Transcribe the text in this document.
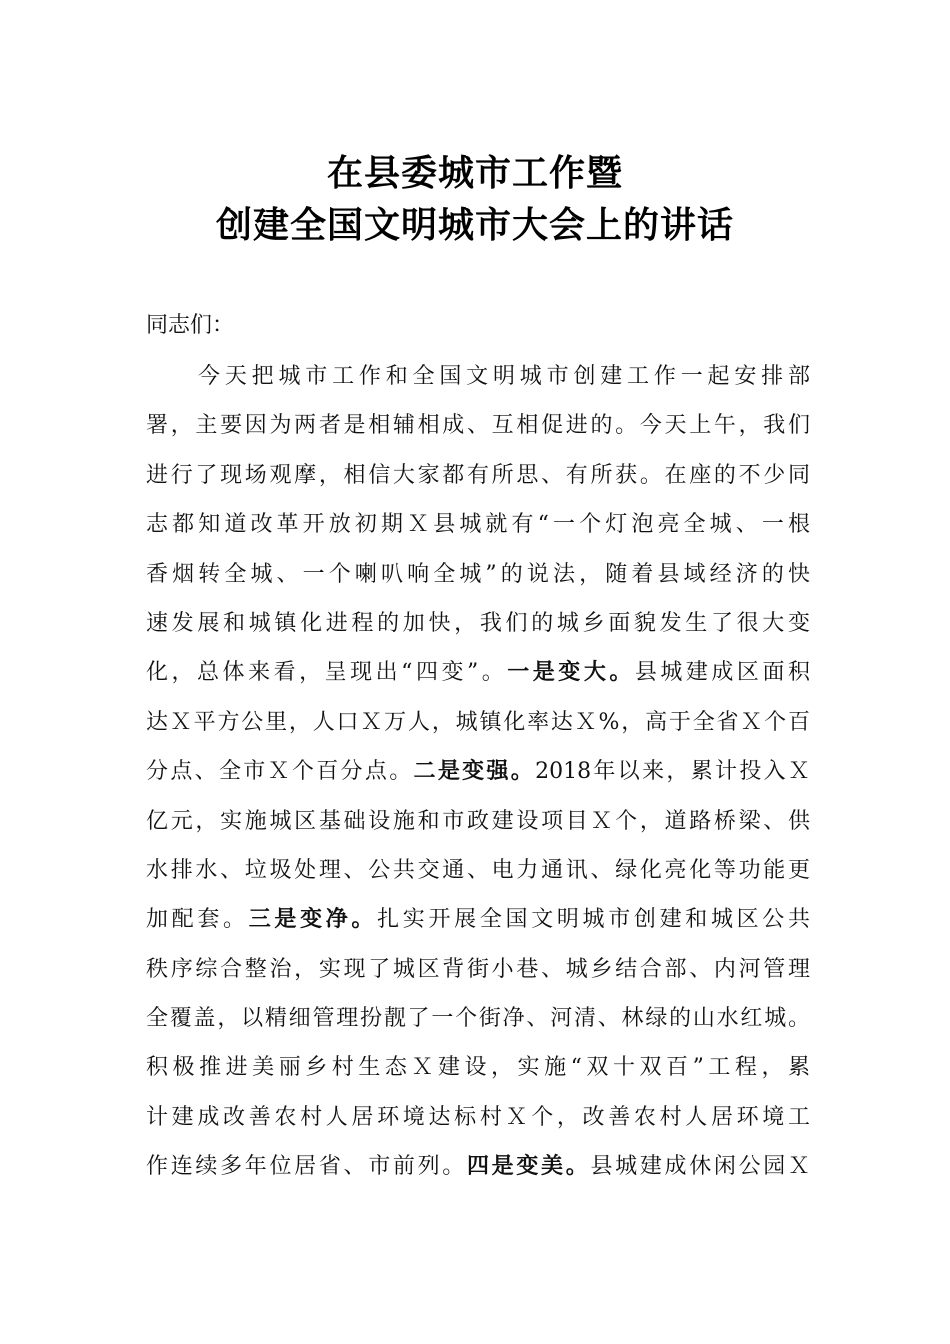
在县委城市工作暨
创建全国文明城市大会上的讲话
同志们：
今天把城市工作和全国文明城市创建工作一起安排部
署，主要因为两者是相辅相成、互相促进的。今天上午，我们
进行了现场观摩，相信大家都有所思、有所获。在座的不少同
志都知道改革开放初期Ｘ县城就有“一个灯泡亮全城、一根
香烟转全城、一个喇叭响全城”的说法，随着县域经济的快
速发展和城镇化进程的加快，我们的城乡面貌发生了很大变
化，总体来看，呈现出“四变”。一是变大。县城建成区面积
达Ｘ平方公里，人口Ｘ万人，城镇化率达Ｘ%，高于全省Ｘ个百
分点、全市Ｘ个百分点。二是变强。2018年以来，累计投入Ｘ
亿元，实施城区基础设施和市政建设项目Ｘ个，道路桥梁、供
水排水、垃圾处理、公共交通、电力通讯、绿化亮化等功能更
加配套。三是变净。扎实开展全国文明城市创建和城区公共
秩序综合整治，实现了城区背街小巷、城乡结合部、内河管理
全覆盖，以精细管理扮靓了一个街净、河清、林绿的山水红城。
积极推进美丽乡村生态Ｘ建设，实施“双十双百”工程，累
计建成改善农村人居环境达标村Ｘ个，改善农村人居环境工
作连续多年位居省、市前列。四是变美。县城建成休闲公园Ｘ
